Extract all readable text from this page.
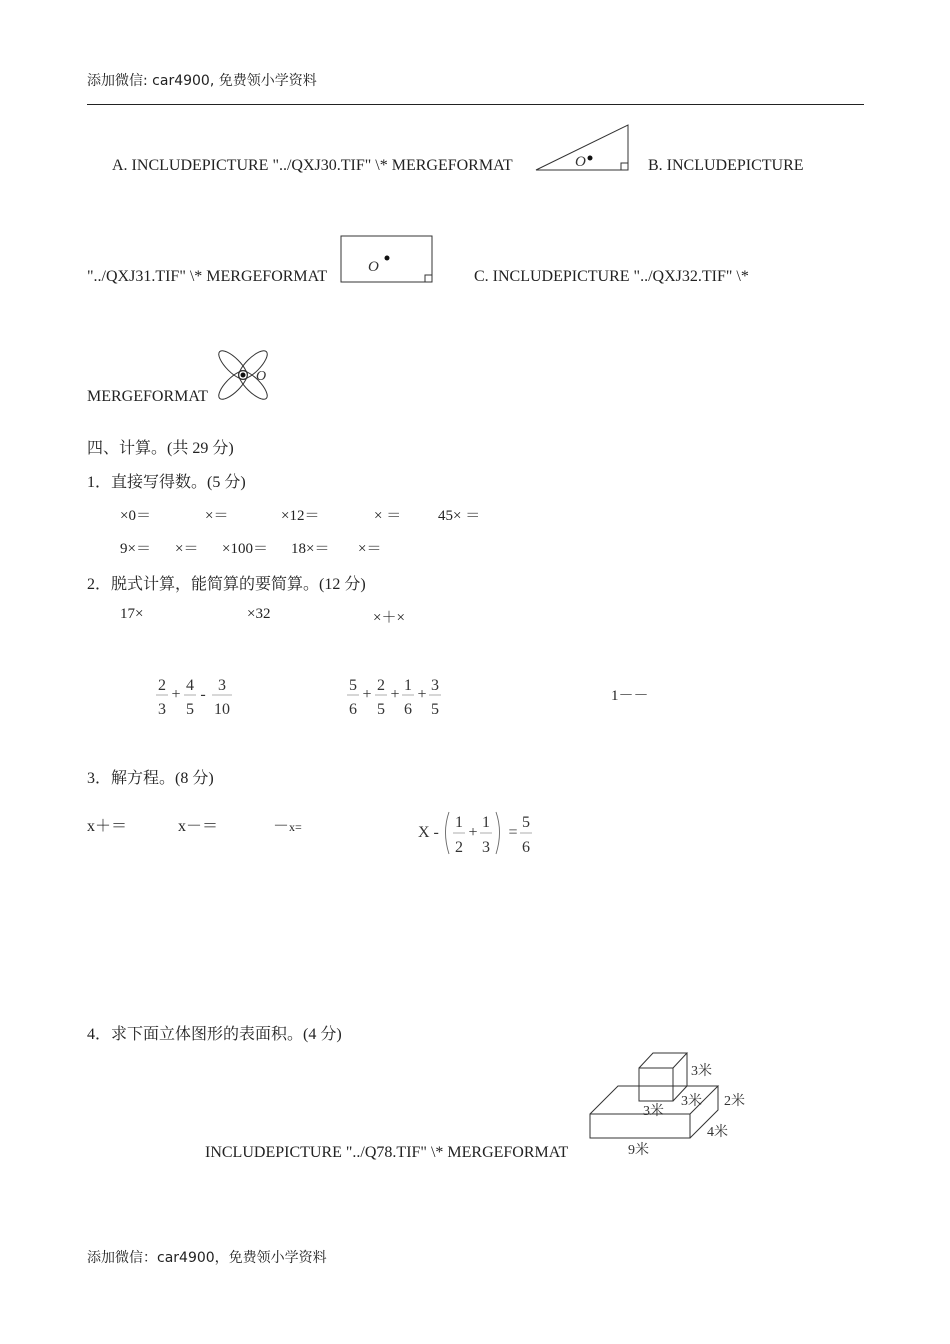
添加微信: car4900, 免费领小学资料
A. INCLUDEPICTURE "../QXJ30.TIF" \* MERGEFORMAT	O	B. INCLUDEPICTURE
"../QXJ31.TIF" \* MERGEFORMAT
O
C. INCLUDEPICTURE "../QXJ32.TIF" \*
MERGEFORMAT
O
四、计算。(共 29 分)
1．直接写得数。(5 分)
×0＝	×＝	×12＝	× ＝ 45× ＝
9×＝ ×＝ ×100＝ 18×＝ ×＝
2．脱式计算，能简算的要简算。(12 分)
17×	×32	×＋×
2
3
+
4
5
-
3
10
5
6
+
2
5
+
1
6
+
3
5
1－－
3．解方程。(8 分)
x＋＝	x－＝	－x=	X -
1
2
+
1
3
=
5
6
4．求下面立体图形的表面积。(4 分)
INCLUDEPICTURE "../Q78.TIF" \* MERGEFORMAT
3米
3米
3米
2米
4米
9米
添加微信：car4900，免费领小学资料
